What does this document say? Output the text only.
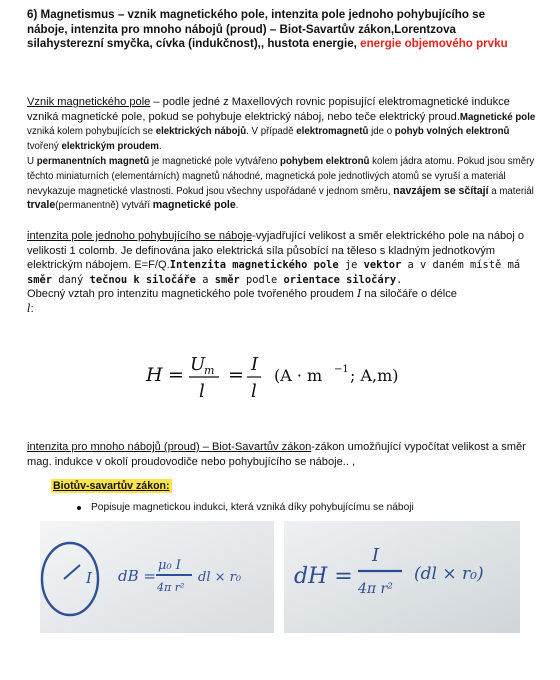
6) Magnetismus – vznik magnetického pole, intenzita pole jednoho pohybujícího se náboje, intenzita pro mnoho nábojů (proud) – Biot-Savartův zákon,Lorentzova silahysterezní smyčka, cívka (indukčnost),, hustota energie, energie objemového prvku
Vznik magnetického pole – podle jedné z Maxellových rovnic popisující elektromagnetické indukce vzniká magnetické pole, pokud se pohybuje elektrický náboj, nebo teče elektrický proud.Magnetické pole vzniká kolem pohybujících se elektrických nábojů. V případě elektromagnetů jde o pohyb volných elektronů tvořený elektrickým proudem.
U permanentních magnetů je magnetické pole vytvářeno pohybem elektronů kolem jádra atomu. Pokud jsou směry těchto miniaturních (elementárních) magnetů náhodné, magnetická pole jednotlivých atomů se vyruší a materiál nevykazuje magnetické vlastnosti. Pokud jsou všechny uspořádané v jednom směru, navzájem se sčítají a materiál trvale(permanentně) vytváří magnetické pole.
intenzita pole jednoho pohybujícího se náboje-vyjadřující velikost a směr elektrického pole na náboj o velikosti 1 colomb. Je definována jako elektrická síla působící na těleso s kladným jednotkovým elektrickým nábojem. E=F/Q.Intenzita magnetického pole je vektor a v daném místě má směr daný tečnou k siločáře a směr podle orientace siločáry.
Obecný vztah pro intenzitu magnetického pole tvořeného proudem I na siločáře o délce
l:
H = U
m
l
= I
l
(A · m −1 ; A,m)
intenzita pro mnoho nábojů (proud) – Biot-Savartův zákon-zákon umožňující vypočítat velikost a směr mag. indukce v okolí proudovodiče nebo pohybujícího se náboje.. ,
Biotův-savartův zákon:
Popisuje magnetickou indukci, která vzniká díky pohybujícímu se náboji
I dB =
μ₀ I
4π r²
dl × r₀ dH =
I
4π r²
(dl × r₀)
